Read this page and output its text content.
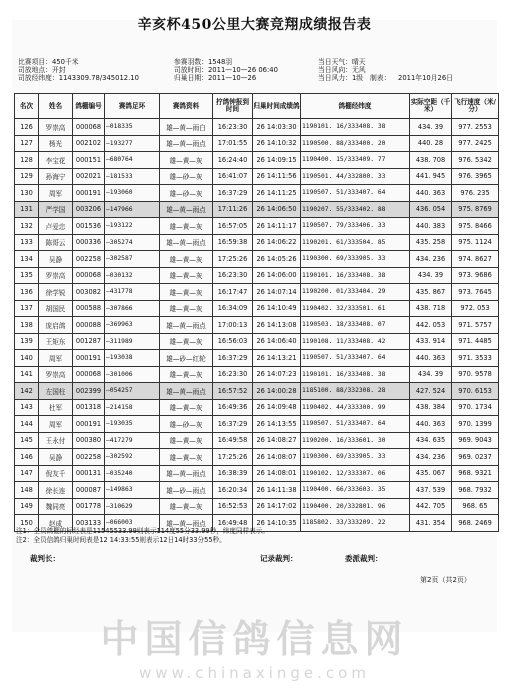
辛亥杯450公里大赛竞翔成绩报告表
比赛项目：450千米
司放地点：开封
司放经纬度：1143309.78/345012.10
参赛羽数：1548羽
司放时间：2011—10—26 06:40
归巢日期：2011—10—26
当日天气：晴天
当日风向：无风
当日风力：1级 制表： 2011年10月26日
名次	姓名	鸽棚编号	赛鸽足环	赛鸽资料	拧鸽钟报到时间	归巢时间成绩鸽	鸽棚经纬度	实际空距（千米）	飞行速度（米/分）
126	罗崇高	000068	—018335	雄—黄—雨白	16:23:30	26 14:03:30	1190101. 16/333408. 38	434. 39	977. 2553
127	杨光	002102	—193277	雄—黄—雨点	17:01:55	26 14:10:32	1190500. 88/333400. 20	440. 28	977. 2425
128	李宝花	000151	—680764	雄—黄—灰	16:24:40	26 14:09:15	1190400. 15/333409. 77	438. 708	976. 5342
129	孙海宁	002021	—181533	雄—砂—灰	16:41:07	26 14:11:56	1190501. 44/332800. 33	441. 945	976. 3965
130	周军	000191	—193060	雄—砂—灰	16:37:29	26 14:11:25	1190507. 51/333407. 64	440. 363	976. 235
131	严学国	003206	—147966	雄—黄—雨点	17:11:26	26 14:06:50	1190207. 55/333402. 88	436. 054	975. 8769
132	卢爱忠	001536	—193122	雄—黄—灰	16:57:05	26 14:11:17	1190507. 79/333406. 33	440. 383	975. 8466
133	陈哥云	000336	—305274	雄—黄—雨点	16:59:38	26 14:06:22	1190201. 61/333504. 85	435. 258	975. 1124
134	吴静	002258	—302587	雄—黄—灰	17:25:26	26 14:05:26	1190300. 69/333905. 33	434. 236	974. 8627
135	罗崇高	000068	—030132	雄—黄—灰	16:23:30	26 14:06:00	1190101. 16/333408. 38	434. 39	973. 9686
136	徐学锐	003082	—431778	雄—黄—灰	16:17:47	26 14:07:14	1190200. 01/333404. 29	435. 867	973. 7645
137	胡国民	000588	—307866	雄—黄—灰	16:34:09	26 14:10:49	1190402. 32/333501. 61	438. 718	972. 053
138	庞启鸽	000088	—369963	雄—黄—雨点	17:00:13	26 14:13:08	1190503. 18/333408. 07	442. 053	971. 5757
139	王矩东	001287	—311989	雄—黄—灰	16:56:03	26 14:06:40	1190108. 11/333408. 42	433. 914	971. 4485
140	周军	000191	—193038	雄—砂—红轮	16:37:29	26 14:13:21	1190507. 51/333407. 64	440. 363	971. 3533
141	罗崇高	000068	—301006	雄—黄—灰	16:23:30	26 14:07:23	1190101. 16/333408. 38	434. 39	970. 9578
142	左国柱	002399	—054257	雄—黄—雨点	16:57:52	26 14:00:28	1185100. 88/332308. 28	427. 524	970. 6153
143	杜军	001318	—214158	雄—黄—灰	16:49:36	26 14:09:48	1190402. 44/333300. 99	438. 384	970. 1734
144	周军	000191	—193035	雄—砂—灰	16:37:29	26 14:13:55	1190507. 51/333407. 64	440. 363	970. 1399
145	王永付	000380	—417279	雄—黄—灰	16:49:58	26 14:08:27	1190200. 16/333601. 30	434. 635	969. 9043
146	吴静	002258	—302592	雄—黄—灰	17:25:26	26 14:08:07	1190300. 69/333905. 33	434. 236	969. 0237
147	倪友千	000131	—035240	雄—黄—雨点	16:38:39	26 14:08:01	1190102. 12/333307. 06	435. 067	968. 9321
148	徐长连	000087	—149863	雄—砂—雨点	16:20:34	26 14:11:38	1190400. 66/333603. 35	437. 539	968. 7932
149	魏同亮	001778	—310629	雄—黄—灰	16:52:53	26 14:17:02	1190400. 20/332801. 96	442. 705	968. 65
150	赵成	003133	—066003	雄—黄—雨点	16:49:48	26 14:10:35	1185802. 33/333209. 22	431. 354	968. 2469
注1：全员鸽棚的标经表是11545533.99则表示114度55分33.99秒，纬度同样表示。
注2：全员信鸽归巢时间表是12 14:33:55则表示12日14时33分55秒。
裁判长：	记录裁判：	委派裁判：
第2页（共2页）
中国信鸽信息网
www.chinaxinge.com
